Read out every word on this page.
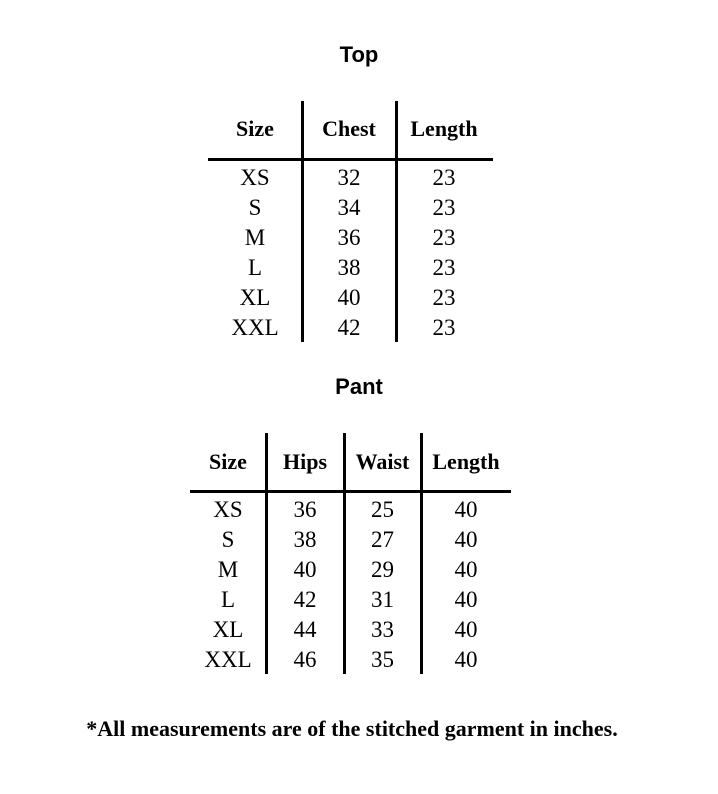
Top
Size
XS
S
M
L
XL
XXL
Chest
32
34
36
38
40
42
Length
23
23
23
23
23
23
Pant
Size
XS
S
M
L
XL
XXL
Hips
36
38
40
42
44
46
Waist
25
27
29
31
33
35
Length
40
40
40
40
40
40
*All measurements are of the stitched garment in inches.
